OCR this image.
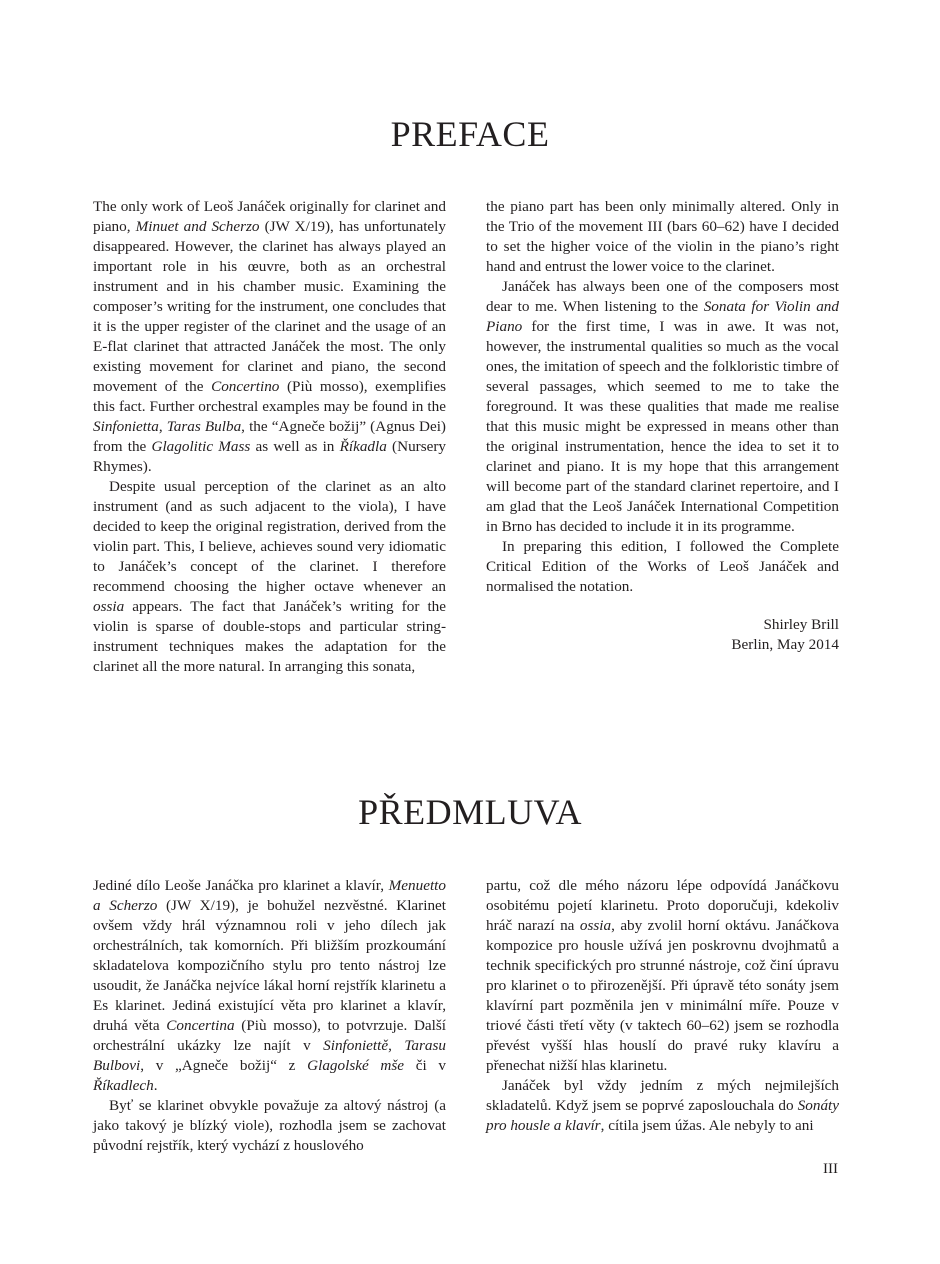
PREFACE

The only work of Leoš Janáček originally for clarinet and piano, Minuet and Scherzo (JW X/19), has unfortunately disappeared. However, the clarinet has always played an important role in his œuvre, both as an orchestral instrument and in his chamber music. Examining the composer’s writing for the instrument, one concludes that it is the upper register of the clarinet and the usage of an E-flat clarinet that attracted Janáček the most. The only existing movement for clarinet and piano, the second movement of the Concertino (Più mosso), exemplifies this fact. Further orchestral examples may be found in the Sinfonietta, Taras Bulba, the “Agneče božij” (Agnus Dei) from the Glagolitic Mass as well as in Říkadla (Nursery Rhymes).

Despite usual perception of the clarinet as an alto instrument (and as such adjacent to the viola), I have decided to keep the original registration, derived from the violin part. This, I believe, achieves sound very idiomatic to Janáček’s concept of the clarinet. I therefore recommend choosing the higher octave whenever an ossia appears. The fact that Janáček’s writing for the violin is sparse of double-stops and particular string-instrument techniques makes the adaptation for the clarinet all the more natural. In arranging this sonata,

the piano part has been only minimally altered. Only in the Trio of the movement III (bars 60–62) have I decided to set the higher voice of the violin in the piano’s right hand and entrust the lower voice to the clarinet.

Janáček has always been one of the composers most dear to me. When listening to the Sonata for Violin and Piano for the first time, I was in awe. It was not, however, the instrumental qualities so much as the vocal ones, the imitation of speech and the folkloristic timbre of several passages, which seemed to me to take the foreground. It was these qualities that made me realise that this music might be expressed in means other than the original instrumentation, hence the idea to set it to clarinet and piano. It is my hope that this arrangement will become part of the standard clarinet repertoire, and I am glad that the Leoš Janáček International Competition in Brno has decided to include it in its programme.

In preparing this edition, I followed the Complete Critical Edition of the Works of Leoš Janáček and normalised the notation.

Shirley Brill
Berlin, May 2014
PŘEDMLUVA

Jediné dílo Leoše Janáčka pro klarinet a klavír, Menuetto a Scherzo (JW X/19), je bohužel nezvěstné. Klarinet ovšem vždy hrál významnou roli v jeho dílech jak orchestrálních, tak komorních. Při bližším prozkoumání skladatelova kompozičního stylu pro tento nástroj lze usoudit, že Janáčka nejvíce lákal horní rejstřík klarinetu a Es klarinet. Jediná existující věta pro klarinet a klavír, druhá věta Concertina (Più mosso), to potvrzuje. Další orchestrální ukázky lze najít v Sinfoniettě, Tarasu Bulbovi, v „Agneče božij“ z Glagolské mše či v Říkadlech.

Byť se klarinet obvykle považuje za altový nástroj (a jako takový je blízký viole), rozhodla jsem se zachovat původní rejstřík, který vychází z houslového

partu, což dle mého názoru lépe odpovídá Janáčkovu osobitému pojetí klarinetu. Proto doporučuji, kdekoliv hráč narazí na ossia, aby zvolil horní oktávu. Janáčkova kompozice pro housle užívá jen poskrovnu dvojhmatů a technik specifických pro strunné nástroje, což činí úpravu pro klarinet o to přirozenější. Při úpravě této sonáty jsem klavírní part pozměnila jen v minimální míře. Pouze v triové části třetí věty (v taktech 60–62) jsem se rozhodla převést vyšší hlas houslí do pravé ruky klavíru a přenechat nižší hlas klarinetu.

Janáček byl vždy jedním z mých nejmilejších skladatelů. Když jsem se poprvé zaposlouchala do Sonáty pro housle a klavír, cítila jsem úžas. Ale nebyly to ani

III
